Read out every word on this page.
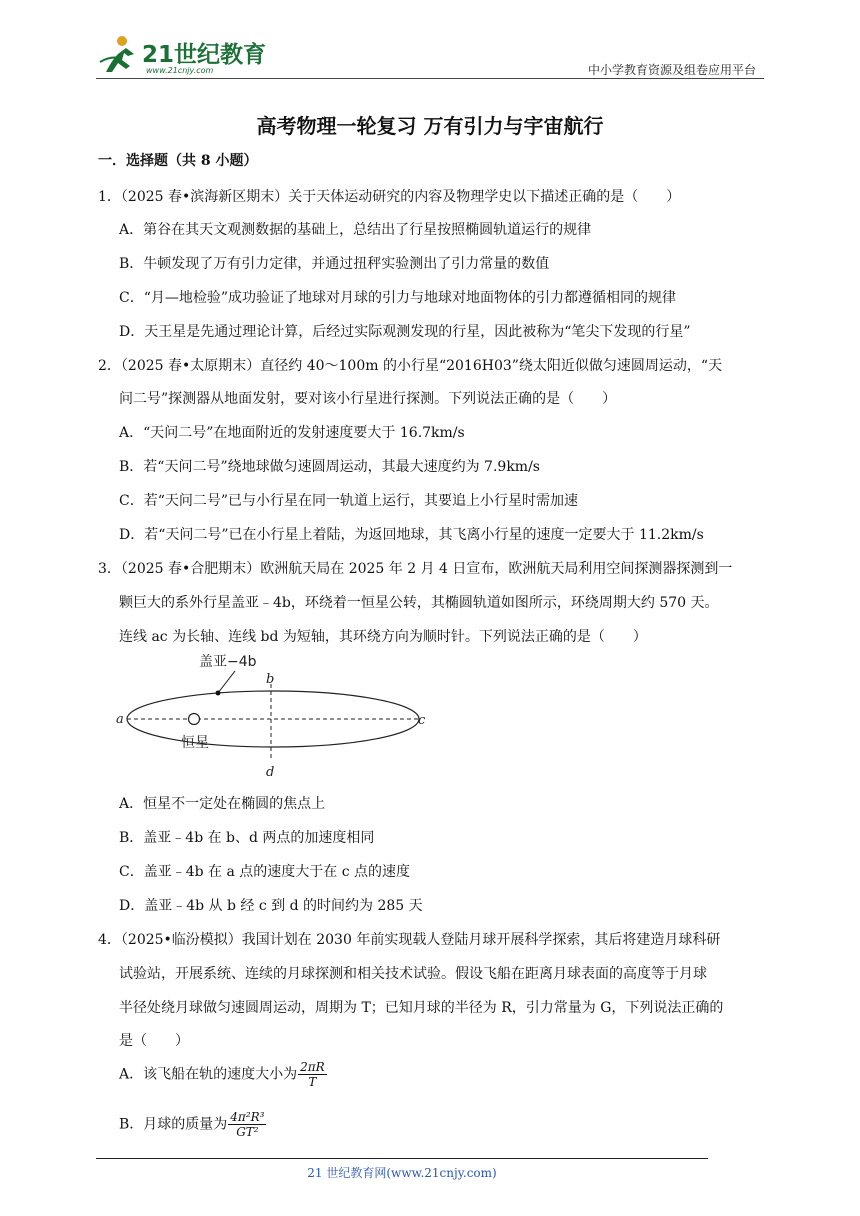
21世纪教育
www.21cnjy.com	中小学教育资源及组卷应用平台
高考物理一轮复习 万有引力与宇宙航行
一．选择题（共 8 小题）
1．（2025 春•滨海新区期末）关于天体运动研究的内容及物理学史以下描述正确的是（　　）
A．第谷在其天文观测数据的基础上，总结出了行星按照椭圆轨道运行的规律
B．牛顿发现了万有引力定律，并通过扭秤实验测出了引力常量的数值
C．“月—地检验”成功验证了地球对月球的引力与地球对地面物体的引力都遵循相同的规律
D．天王星是先通过理论计算，后经过实际观测发现的行星，因此被称为“笔尖下发现的行星”
2．（2025 春•太原期末）直径约 40～100m 的小行星“2016H03”绕太阳近似做匀速圆周运动，“天
问二号”探测器从地面发射，要对该小行星进行探测。下列说法正确的是（　　）
A．“天问二号”在地面附近的发射速度要大于 16.7km/s
B．若“天问二号”绕地球做匀速圆周运动，其最大速度约为 7.9km/s
C．若“天问二号”已与小行星在同一轨道上运行，其要追上小行星时需加速
D．若“天问二号”已在小行星上着陆，为返回地球，其飞离小行星的速度一定要大于 11.2km/s
3．（2025 春•合肥期末）欧洲航天局在 2025 年 2 月 4 日宣布，欧洲航天局利用空间探测器探测到一
颗巨大的系外行星盖亚﹣4b，环绕着一恒星公转，其椭圆轨道如图所示，环绕周期大约 570 天。
连线 ac 为长轴、连线 bd 为短轴，其环绕方向为顺时针。下列说法正确的是（　　）
盖亚−4b
恒星
a
b
c
d
A．恒星不一定处在椭圆的焦点上
B．盖亚﹣4b 在 b、d 两点的加速度相同
C．盖亚﹣4b 在 a 点的速度大于在 c 点的速度
D．盖亚﹣4b 从 b 经 c 到 d 的时间约为 285 天
4．（2025•临汾模拟）我国计划在 2030 年前实现载人登陆月球开展科学探索，其后将建造月球科研
试验站，开展系统、连续的月球探测和相关技术试验。假设飞船在距离月球表面的高度等于月球
半径处绕月球做匀速圆周运动，周期为 T；已知月球的半径为 R，引力常量为 G，下列说法正确的
是（　　）
A．该飞船在轨的速度大小为 $\frac{2\pi R}{T}$
B．月球的质量为 $\frac{\text{4π²R³}}{\text{GT²}}$
21 世纪教育网(www.21cnjy.com)
